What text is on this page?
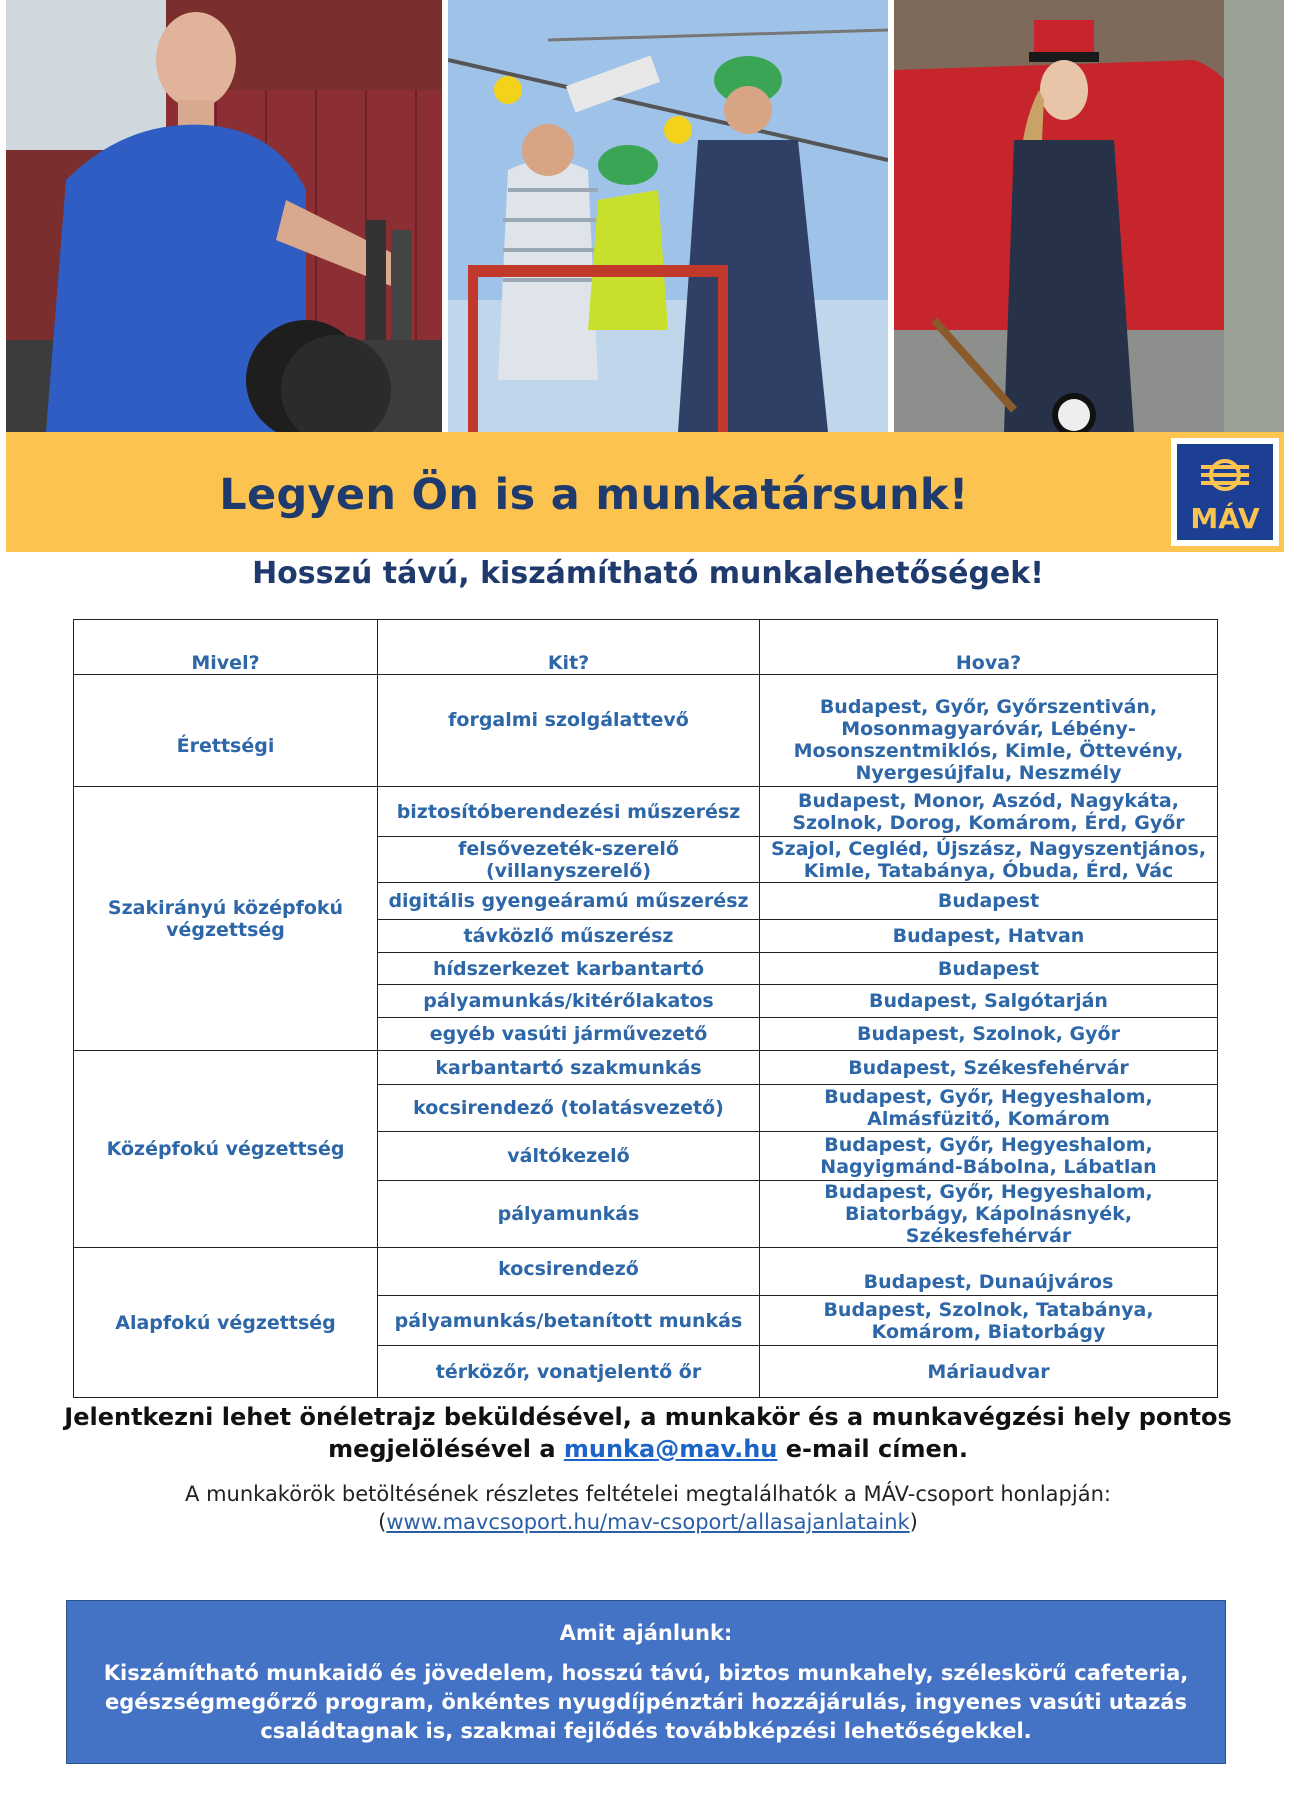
Legyen Ön is a munkatársunk!	MÁV
Hosszú távú, kiszámítható munkalehetőségek!
Mivel?	Kit?	Hova?
Érettségi	forgalmi szolgálattevő	Budapest, Győr, Győrszentiván, Mosonmagyaróvár, Lébény-Mosonszentmiklós, Kimle, Öttevény, Nyergesújfalu, Neszmély
Szakirányú középfokú végzettség	biztosítóberendezési műszerész	Budapest, Monor, Aszód, Nagykáta, Szolnok, Dorog, Komárom, Érd, Győr
	felsővezeték-szerelő (villanyszerelő)	Szajol, Cegléd, Újszász, Nagyszentjános, Kimle, Tatabánya, Óbuda, Érd, Vác
	digitális gyengeáramú műszerész	Budapest
	távközlő műszerész	Budapest, Hatvan
	hídszerkezet karbantartó	Budapest
	pályamunkás/kitérőlakatos	Budapest, Salgótarján
	egyéb vasúti járművezető	Budapest, Szolnok, Győr
Középfokú végzettség	karbantartó szakmunkás	Budapest, Székesfehérvár
	kocsirendező (tolatásvezető)	Budapest, Győr, Hegyeshalom, Almásfüzitő, Komárom
	váltókezelő	Budapest, Győr, Hegyeshalom, Nagyigmánd-Bábolna, Lábatlan
	pályamunkás	Budapest, Győr, Hegyeshalom, Biatorbágy, Kápolnásnyék, Székesfehérvár
Alapfokú végzettség	kocsirendező	Budapest, Dunaújváros
	pályamunkás/betanított munkás	Budapest, Szolnok, Tatabánya, Komárom, Biatorbágy
	térközőr, vonatjelentő őr	Máriaudvar
Jelentkezni lehet önéletrajz beküldésével, a munkakör és a munkavégzési hely pontos megjelölésével a munka@mav.hu e-mail címen.
A munkakörök betöltésének részletes feltételei megtalálhatók a MÁV-csoport honlapján:
(www.mavcsoport.hu/mav-csoport/allasajanlataink)
Amit ajánlunk:
Kiszámítható munkaidő és jövedelem, hosszú távú, biztos munkahely, széleskörű cafeteria, egészségmegőrző program, önkéntes nyugdíjpénztári hozzájárulás, ingyenes vasúti utazás családtagnak is, szakmai fejlődés továbbképzési lehetőségekkel.
